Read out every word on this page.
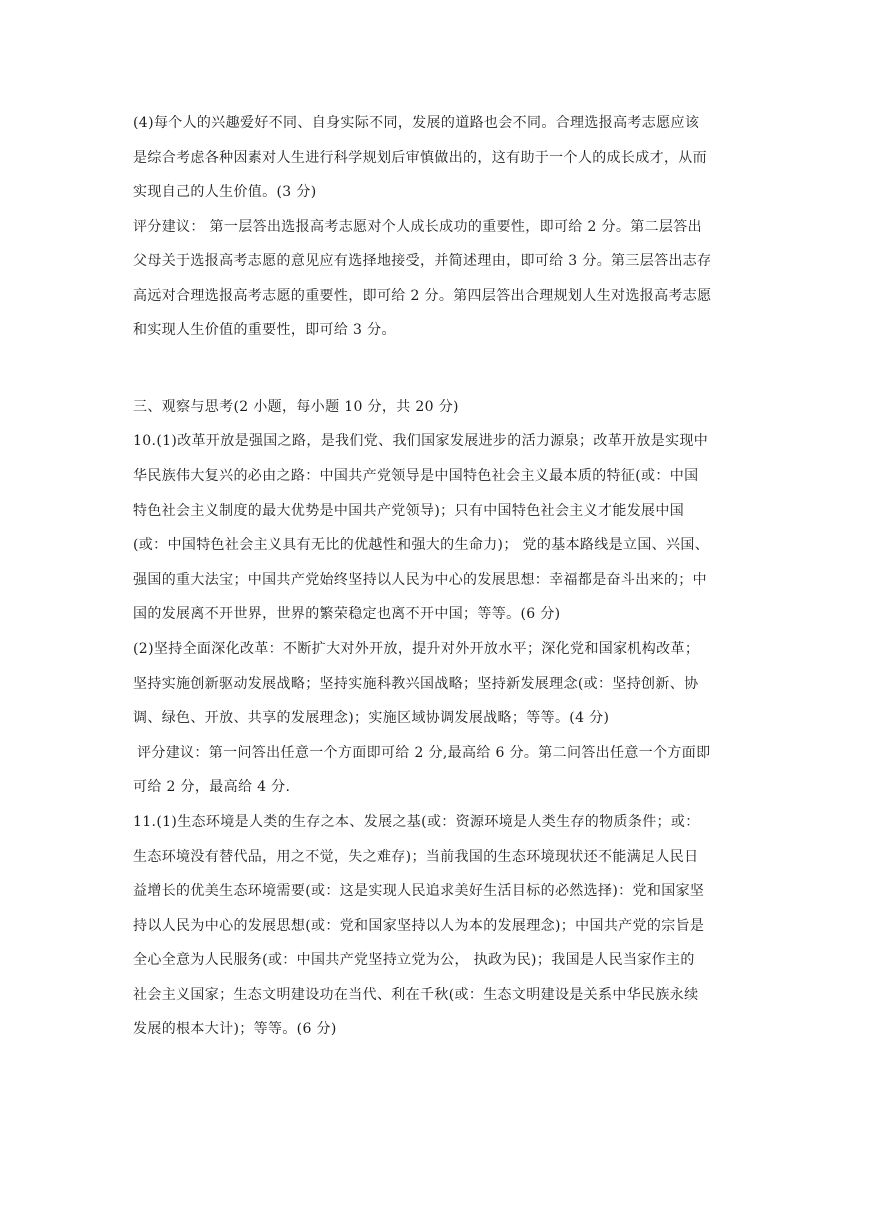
(4)每个人的兴趣爱好不同、自身实际不同，发展的道路也会不同。合理选报高考志愿应该
是综合考虑各种因素对人生进行科学规划后审慎做出的，这有助于一个人的成长成才，从而
实现自己的人生价值。(3 分)
评分建议： 第一层答出选报高考志愿对个人成长成功的重要性，即可给 2 分。第二层答出
父母关于选报高考志愿的意见应有选择地接受，并简述理由，即可给 3 分。第三层答出志存
高远对合理选报高考志愿的重要性，即可给 2 分。第四层答出合理规划人生对选报高考志愿
和实现人生价值的重要性，即可给 3 分。
三、观察与思考(2 小题，每小题 10 分，共 20 分)
10.(1)改革开放是强国之路，是我们党、我们国家发展进步的活力源泉；改革开放是实现中
华民族伟大复兴的必由之路：中国共产党领导是中国特色社会主义最本质的特征(或：中国
特色社会主义制度的最大优势是中国共产党领导)；只有中国特色社会主义才能发展中国
(或：中国特色社会主义具有无比的优越性和强大的生命力)； 党的基本路线是立国、兴国、
强国的重大法宝；中国共产党始终坚持以人民为中心的发展思想：幸福都是奋斗出来的；中
国的发展离不开世界，世界的繁荣稳定也离不开中国；等等。(6 分)
(2)坚持全面深化改革：不断扩大对外开放，提升对外开放水平；深化党和国家机构改革；
坚持实施创新驱动发展战略；坚持实施科教兴国战略；坚持新发展理念(或：坚持创新、协
调、绿色、开放、共享的发展理念)；实施区域协调发展战略；等等。(4 分)
评分建议：第一问答出任意一个方面即可给 2 分,最高给 6 分。第二问答出任意一个方面即
可给 2 分，最高给 4 分.
11.(1)生态环境是人类的生存之本、发展之基(或：资源环境是人类生存的物质条件；或：
生态环境没有替代品，用之不觉，失之难存)；当前我国的生态环境现状还不能满足人民日
益增长的优美生态环境需要(或：这是实现人民追求美好生活目标的必然选择)：党和国家坚
持以人民为中心的发展思想(或：党和国家坚持以人为本的发展理念)；中国共产党的宗旨是
全心全意为人民服务(或：中国共产党坚持立党为公， 执政为民)；我国是人民当家作主的
社会主义国家；生态文明建设功在当代、利在千秋(或：生态文明建设是关系中华民族永续
发展的根本大计)；等等。(6 分)
